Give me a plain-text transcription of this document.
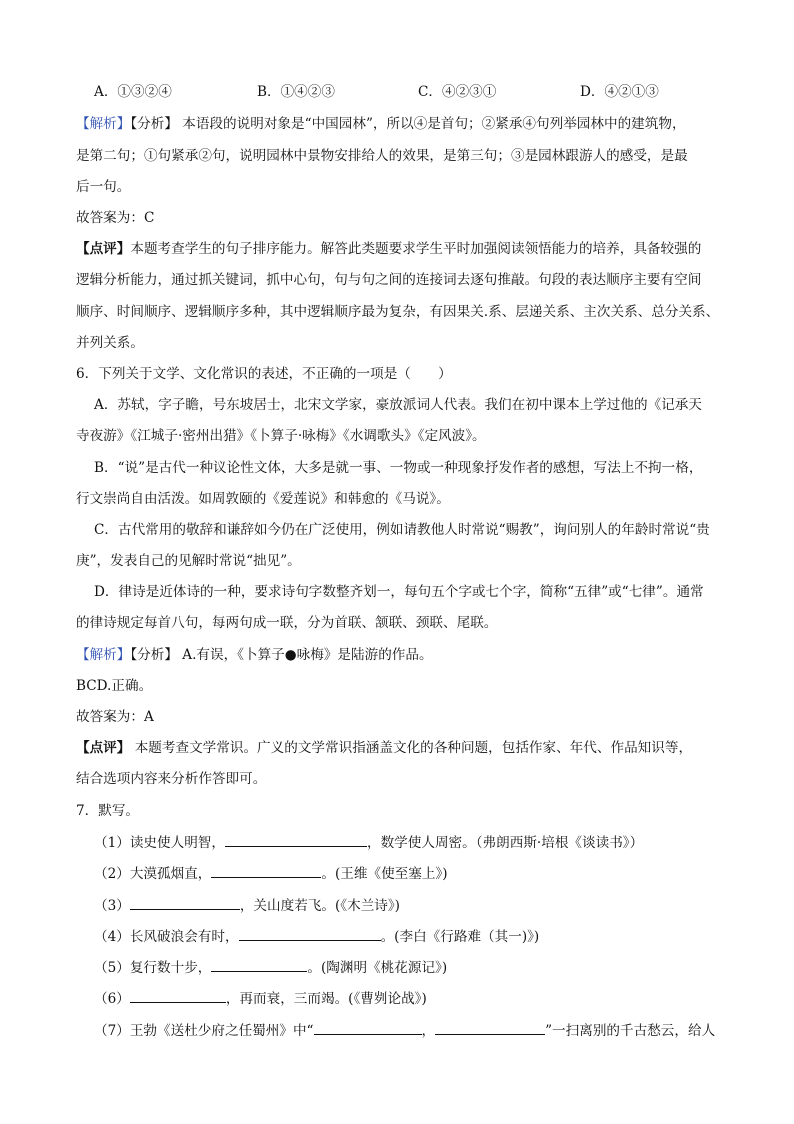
A．①③②④	B．①④②③	C．④②③①	D．④②①③
【解析】【分析】 本语段的说明对象是“中国园林”，所以④是首句；②紧承④句列举园林中的建筑物，
是第二句；①句紧承②句，说明园林中景物安排给人的效果，是第三句；③是园林跟游人的感受，是最
后一句。
故答案为：C
【点评】本题考查学生的句子排序能力。解答此类题要求学生平时加强阅读领悟能力的培养，具备较强的
逻辑分析能力，通过抓关键词，抓中心句，句与句之间的连接词去逐句推敲。句段的表达顺序主要有空间
顺序、时间顺序、逻辑顺序多种，其中逻辑顺序最为复杂，有因果关.系、层递关系、主次关系、总分关系、
并列关系。
6．下列关于文学、文化常识的表述，不正确的一项是（　　）
A．苏轼，字子瞻，号东坡居士，北宋文学家，豪放派词人代表。我们在初中课本上学过他的《记承天
寺夜游》《江城子·密州出猎》《卜算子·咏梅》《水调歌头》《定风波》。
B．“说”是古代一种议论性文体，大多是就一事、一物或一种现象抒发作者的感想，写法上不拘一格，
行文崇尚自由活泼。如周敦颐的《爱莲说》和韩愈的《马说》。
C．古代常用的敬辞和谦辞如今仍在广泛使用，例如请教他人时常说“赐教”，询问别人的年龄时常说“贵
庚”，发表自己的见解时常说“拙见”。
D．律诗是近体诗的一种，要求诗句字数整齐划一，每句五个字或七个字，简称“五律”或“七律”。通常
的律诗规定每首八句，每两句成一联，分为首联、颔联、颈联、尾联。
【解析】【分析】 A.有误，《卜算子●咏梅》是陆游的作品。
BCD.正确。
故答案为：A
【点评】 本题考查文学常识。广义的文学常识指涵盖文化的各种问题，包括作家、年代、作品知识等，
结合选项内容来分析作答即可。
7．默写。
（1）读史使人明智，	，数学使人周密。（弗朗西斯·培根《谈读书》）
（2）大漠孤烟直，	。(王维《使至塞上》)
（3）	，关山度若飞。(《木兰诗》)
（4）长风破浪会有时，	。(李白《行路难（其一)》)
（5）复行数十步，	。(陶渊明《桃花源记》)
（6）	，再而衰，三而竭。(《曹刿论战》)
（7）王勃《送杜少府之任蜀州》中“	，	”一扫离别的千古愁云，给人
